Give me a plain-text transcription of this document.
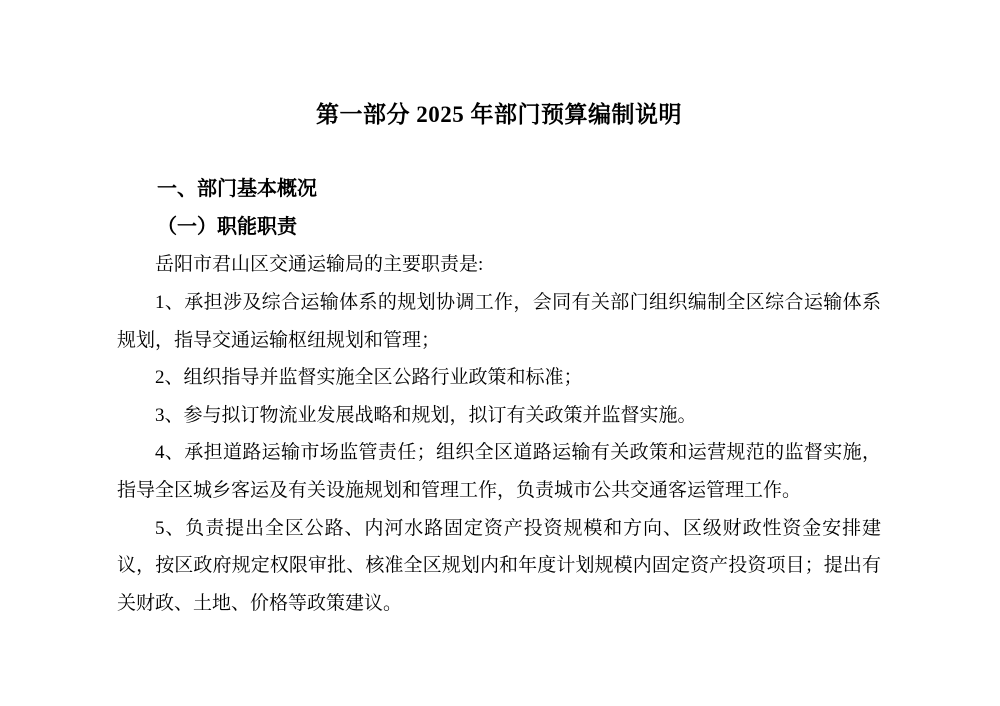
第一部分 2025 年部门预算编制说明
一、部门基本概况
（一）职能职责

岳阳市君山区交通运输局的主要职责是:

1、承担涉及综合运输体系的规划协调工作，会同有关部门组织编制全区综合运输体系规划，指导交通运输枢纽规划和管理；

2、组织指导并监督实施全区公路行业政策和标准；

3、参与拟订物流业发展战略和规划，拟订有关政策并监督实施。

4、承担道路运输市场监管责任；组织全区道路运输有关政策和运营规范的监督实施，指导全区城乡客运及有关设施规划和管理工作，负责城市公共交通客运管理工作。

5、负责提出全区公路、内河水路固定资产投资规模和方向、区级财政性资金安排建议，按区政府规定权限审批、核准全区规划内和年度计划规模内固定资产投资项目；提出有关财政、土地、价格等政策建议。
